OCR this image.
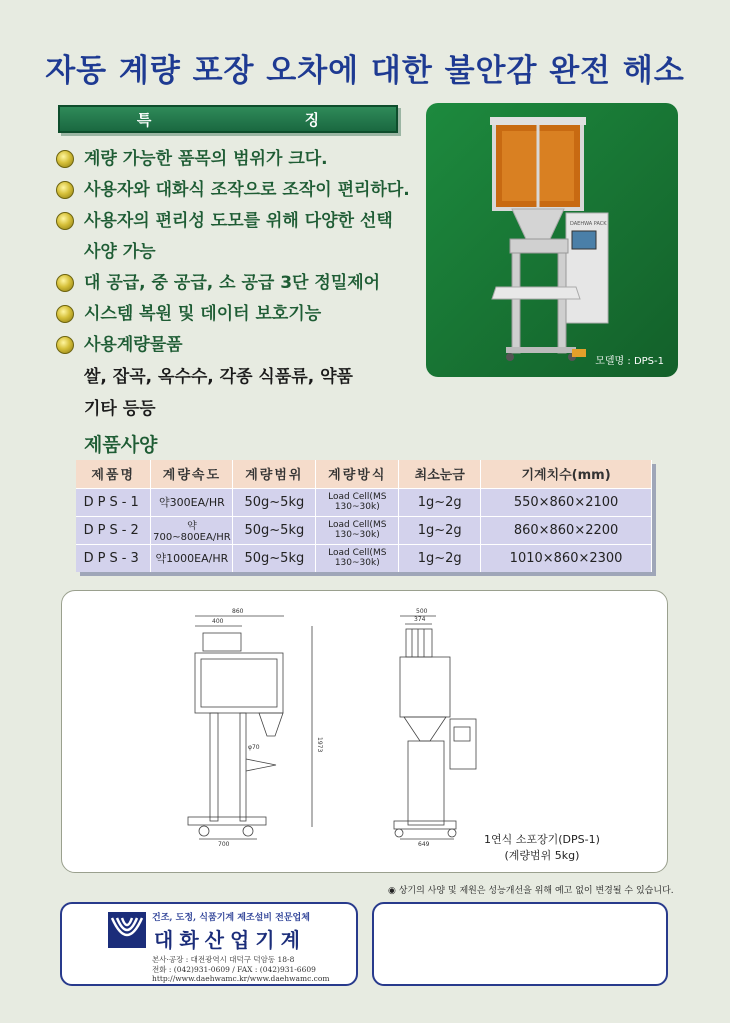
자동 계량 포장 오차에 대한 불안감 완전 해소
특 징
계량 가능한 품목의 범위가 크다.
사용자와 대화식 조작으로 조작이 편리하다.
사용자의 편리성 도모를 위해 다양한 선택
사양 가능
대 공급, 중 공급, 소 공급 3단 정밀제어
시스템 복원 및 데이터 보호기능
사용계량물품
쌀, 잡곡, 옥수수, 각종 식품류, 약품
기타 등등
DAEHWA PACK
모델명 : DPS-1
제품사양
제품명	계량속도	계량범위	계량방식	최소눈금	기계치수(mm)
DPS-1	약300EA/HR	50g~5kg	Load Cell(MS 130~30k)	1g~2g	550×860×2100
DPS-2	약700~800EA/HR	50g~5kg	Load Cell(MS 130~30k)	1g~2g	860×860×2200
DPS-3	약1000EA/HR	50g~5kg	Load Cell(MS 130~30k)	1g~2g	1010×860×2300
860
400
φ70
700
500
374
649
1973
1연식 소포장기(DPS-1)
(계량범위 5kg)
◉ 상기의 사양 및 제원은 성능개선을 위해 예고 없이 변경될 수 있습니다.
건조, 도정, 식품기계 제조설비 전문업체
대화산업기계
본사·공장 : 대전광역시 대덕구 덕암동 18-8
전화 : (042)931-0609 / FAX : (042)931-6609
http://www.daehwamc.kr/www.daehwamc.com
